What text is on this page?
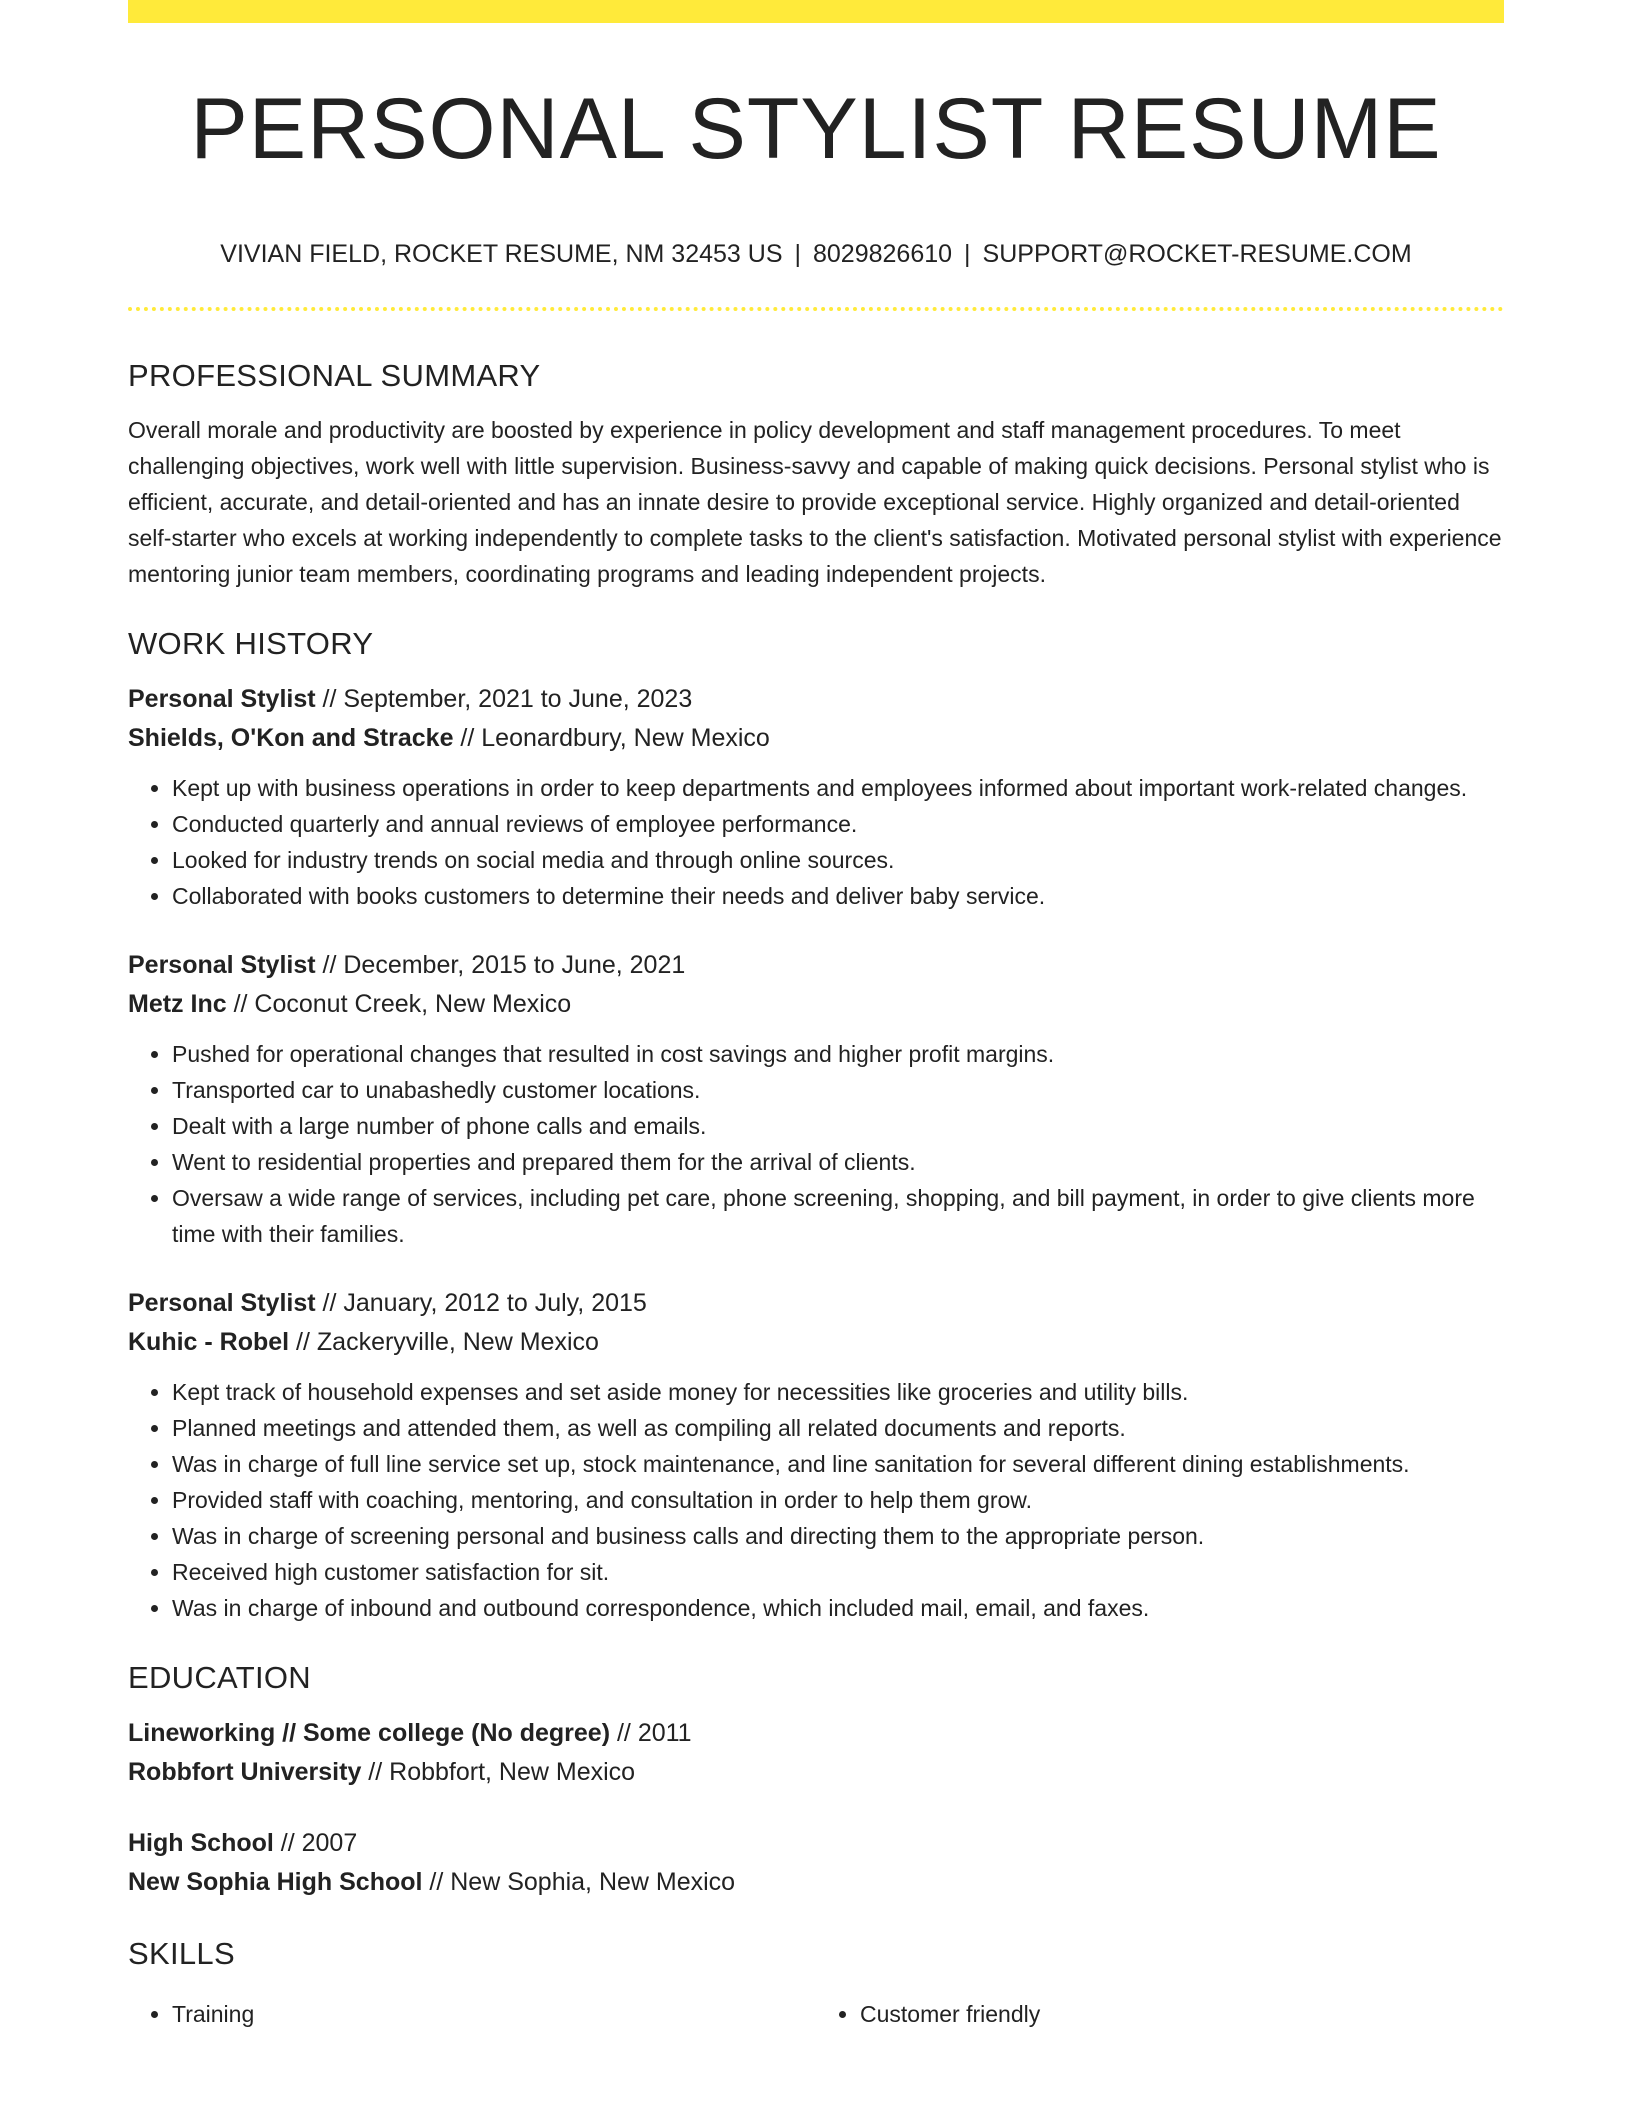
PERSONAL STYLIST RESUME
VIVIAN FIELD, ROCKET RESUME, NM 32453 US | 8029826610 | SUPPORT@ROCKET-RESUME.COM
PROFESSIONAL SUMMARY

Overall morale and productivity are boosted by experience in policy development and staff management procedures. To meet challenging objectives, work well with little supervision. Business-savvy and capable of making quick decisions. Personal stylist who is efficient, accurate, and detail-oriented and has an innate desire to provide exceptional service. Highly organized and detail-oriented self-starter who excels at working independently to complete tasks to the client's satisfaction. Motivated personal stylist with experience mentoring junior team members, coordinating programs and leading independent projects.

WORK HISTORY
Personal Stylist // September, 2021 to June, 2023
Shields, O'Kon and Stracke // Leonardbury, New Mexico
• Kept up with business operations in order to keep departments and employees informed about important work-related changes.
• Conducted quarterly and annual reviews of employee performance.
• Looked for industry trends on social media and through online sources.
• Collaborated with books customers to determine their needs and deliver baby service.
Personal Stylist // December, 2015 to June, 2021
Metz Inc // Coconut Creek, New Mexico
• Pushed for operational changes that resulted in cost savings and higher profit margins.
• Transported car to unabashedly customer locations.
• Dealt with a large number of phone calls and emails.
• Went to residential properties and prepared them for the arrival of clients.
• Oversaw a wide range of services, including pet care, phone screening, shopping, and bill payment, in order to give clients more time with their families.
Personal Stylist // January, 2012 to July, 2015
Kuhic - Robel // Zackeryville, New Mexico
• Kept track of household expenses and set aside money for necessities like groceries and utility bills.
• Planned meetings and attended them, as well as compiling all related documents and reports.
• Was in charge of full line service set up, stock maintenance, and line sanitation for several different dining establishments.
• Provided staff with coaching, mentoring, and consultation in order to help them grow.
• Was in charge of screening personal and business calls and directing them to the appropriate person.
• Received high customer satisfaction for sit.
• Was in charge of inbound and outbound correspondence, which included mail, email, and faxes.
EDUCATION
Lineworking // Some college (No degree) // 2011
Robbfort University // Robbfort, New Mexico
High School // 2007
New Sophia High School // New Sophia, New Mexico
SKILLS
• Training
•	Customer friendly
